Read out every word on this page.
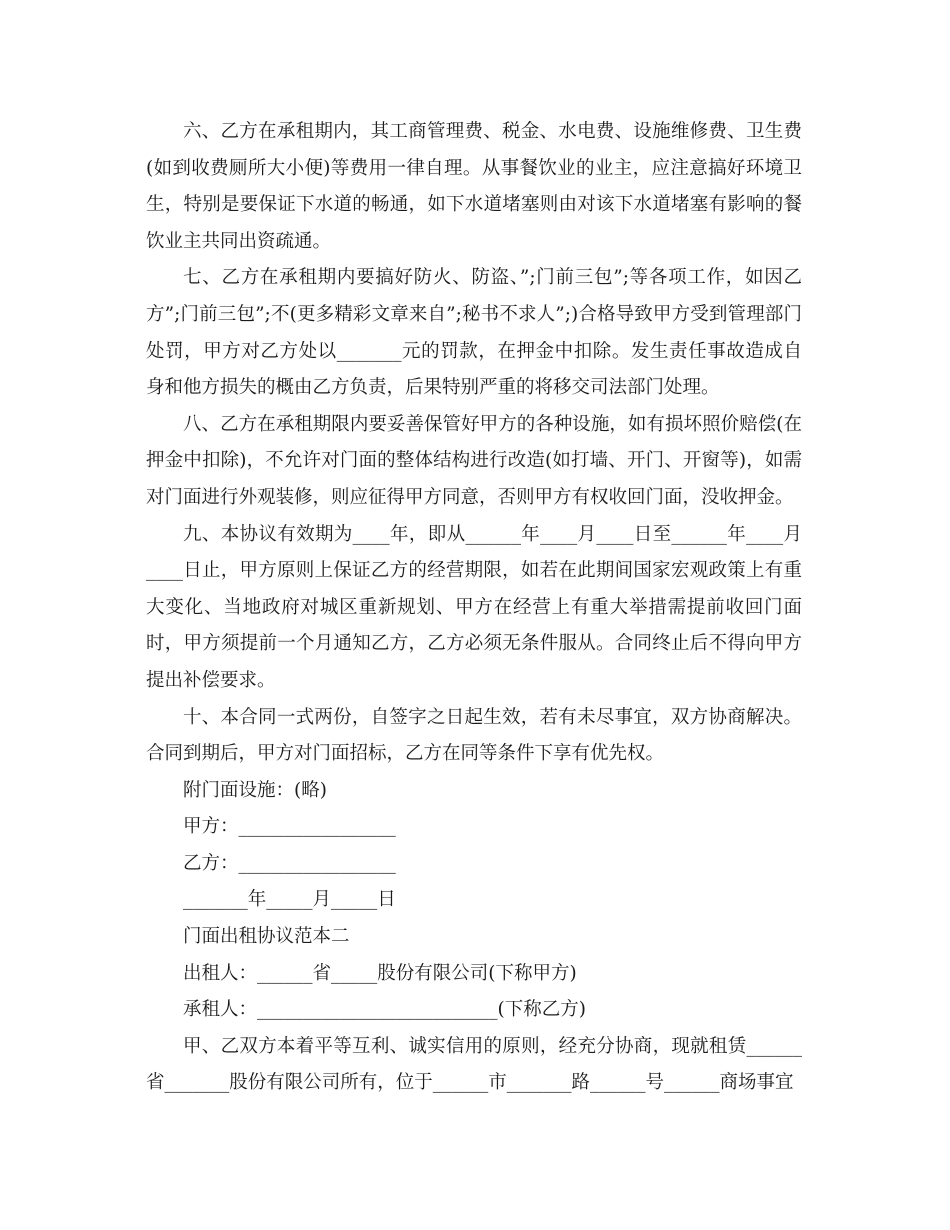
六、乙方在承租期内，其工商管理费、税金、水电费、设施维修费、卫生费(如到收费厕所大小便)等费用一律自理。从事餐饮业的业主，应注意搞好环境卫生，特别是要保证下水道的畅通，如下水道堵塞则由对该下水道堵塞有影响的餐饮业主共同出资疏通。

七、乙方在承租期内要搞好防火、防盗、”;门前三包”;等各项工作，如因乙方”;门前三包”;不(更多精彩文章来自”;秘书不求人”;)合格导致甲方受到管理部门处罚，甲方对乙方处以_______元的罚款，在押金中扣除。发生责任事故造成自身和他方损失的概由乙方负责，后果特别严重的将移交司法部门处理。

八、乙方在承租期限内要妥善保管好甲方的各种设施，如有损坏照价赔偿(在押金中扣除)，不允许对门面的整体结构进行改造(如打墙、开门、开窗等)，如需对门面进行外观装修，则应征得甲方同意，否则甲方有权收回门面，没收押金。

九、本协议有效期为____年，即从______年____月____日至______年____月____日止，甲方原则上保证乙方的经营期限，如若在此期间国家宏观政策上有重大变化、当地政府对城区重新规划、甲方在经营上有重大举措需提前收回门面时，甲方须提前一个月通知乙方，乙方必须无条件服从。合同终止后不得向甲方提出补偿要求。

十、本合同一式两份，自签字之日起生效，若有未尽事宜，双方协商解决。合同到期后，甲方对门面招标，乙方在同等条件下享有优先权。

附门面设施：(略)

甲方：_________________

乙方：_________________

_______年_____月_____日

门面出租协议范本二

出租人：______省_____股份有限公司(下称甲方)

承租人：__________________________(下称乙方)

甲、乙双方本着平等互利、诚实信用的原则，经充分协商，现就租赁______省_______股份有限公司所有，位于______市_______路______号______商场事宜
